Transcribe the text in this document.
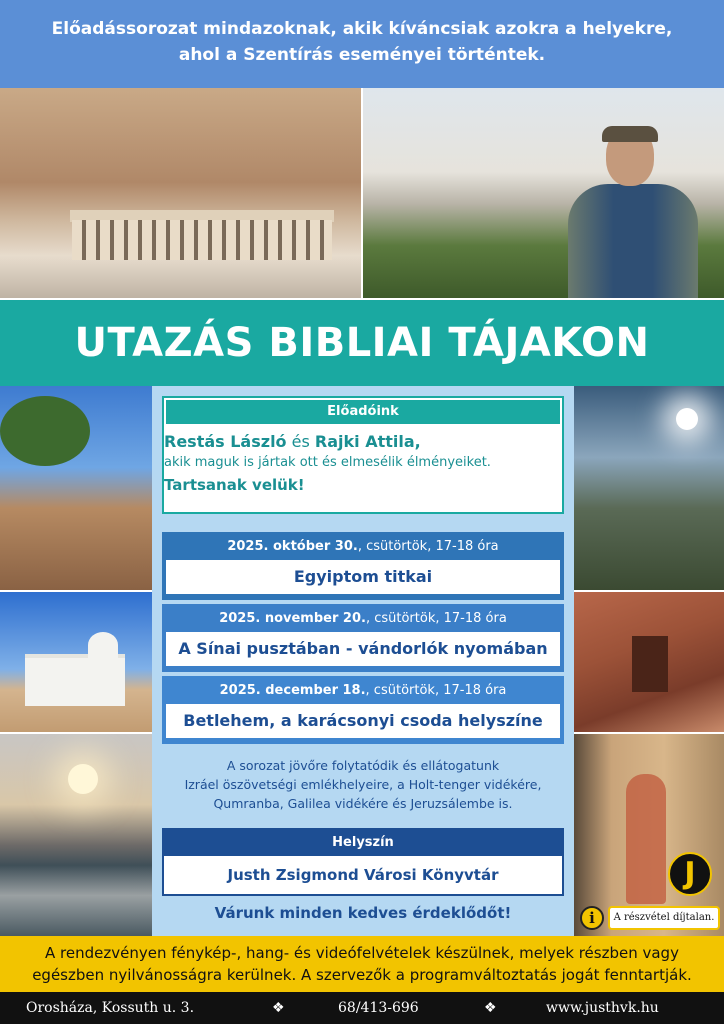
Előadássorozat mindazoknak, akik kíváncsiak azokra a helyekre,
ahol a Szentírás eseményei történtek.
UTAZÁS BIBLIAI TÁJAKON
J
i	A részvétel díjtalan.
Előadóink
Restás László és Rajki Attila,
akik maguk is jártak ott és elmesélik élményeiket.
Tartsanak velük!
2025. október 30., csütörtök, 17-18 óra
Egyiptom titkai
2025. november 20., csütörtök, 17-18 óra
A Sínai pusztában - vándorlók nyomában
2025. december 18., csütörtök, 17-18 óra
Betlehem, a karácsonyi csoda helyszíne
A sorozat jövőre folytatódik és ellátogatunk
Izráel öszövetségi emlékhelyeire, a Holt-tenger vidékére,
Qumranba, Galilea vidékére és Jeruzsálembe is.
Helyszín
Justh Zsigmond Városi Könyvtár
Várunk minden kedves érdeklődőt!
A rendezvényen fénykép-, hang- és videófelvételek készülnek, melyek részben vagy
egészben nyilvánosságra kerülnek. A szervezők a programváltoztatás jogát fenntartják.
Orosháza, Kossuth u. 3.	❖	68/413-696	❖	www.justhvk.hu
